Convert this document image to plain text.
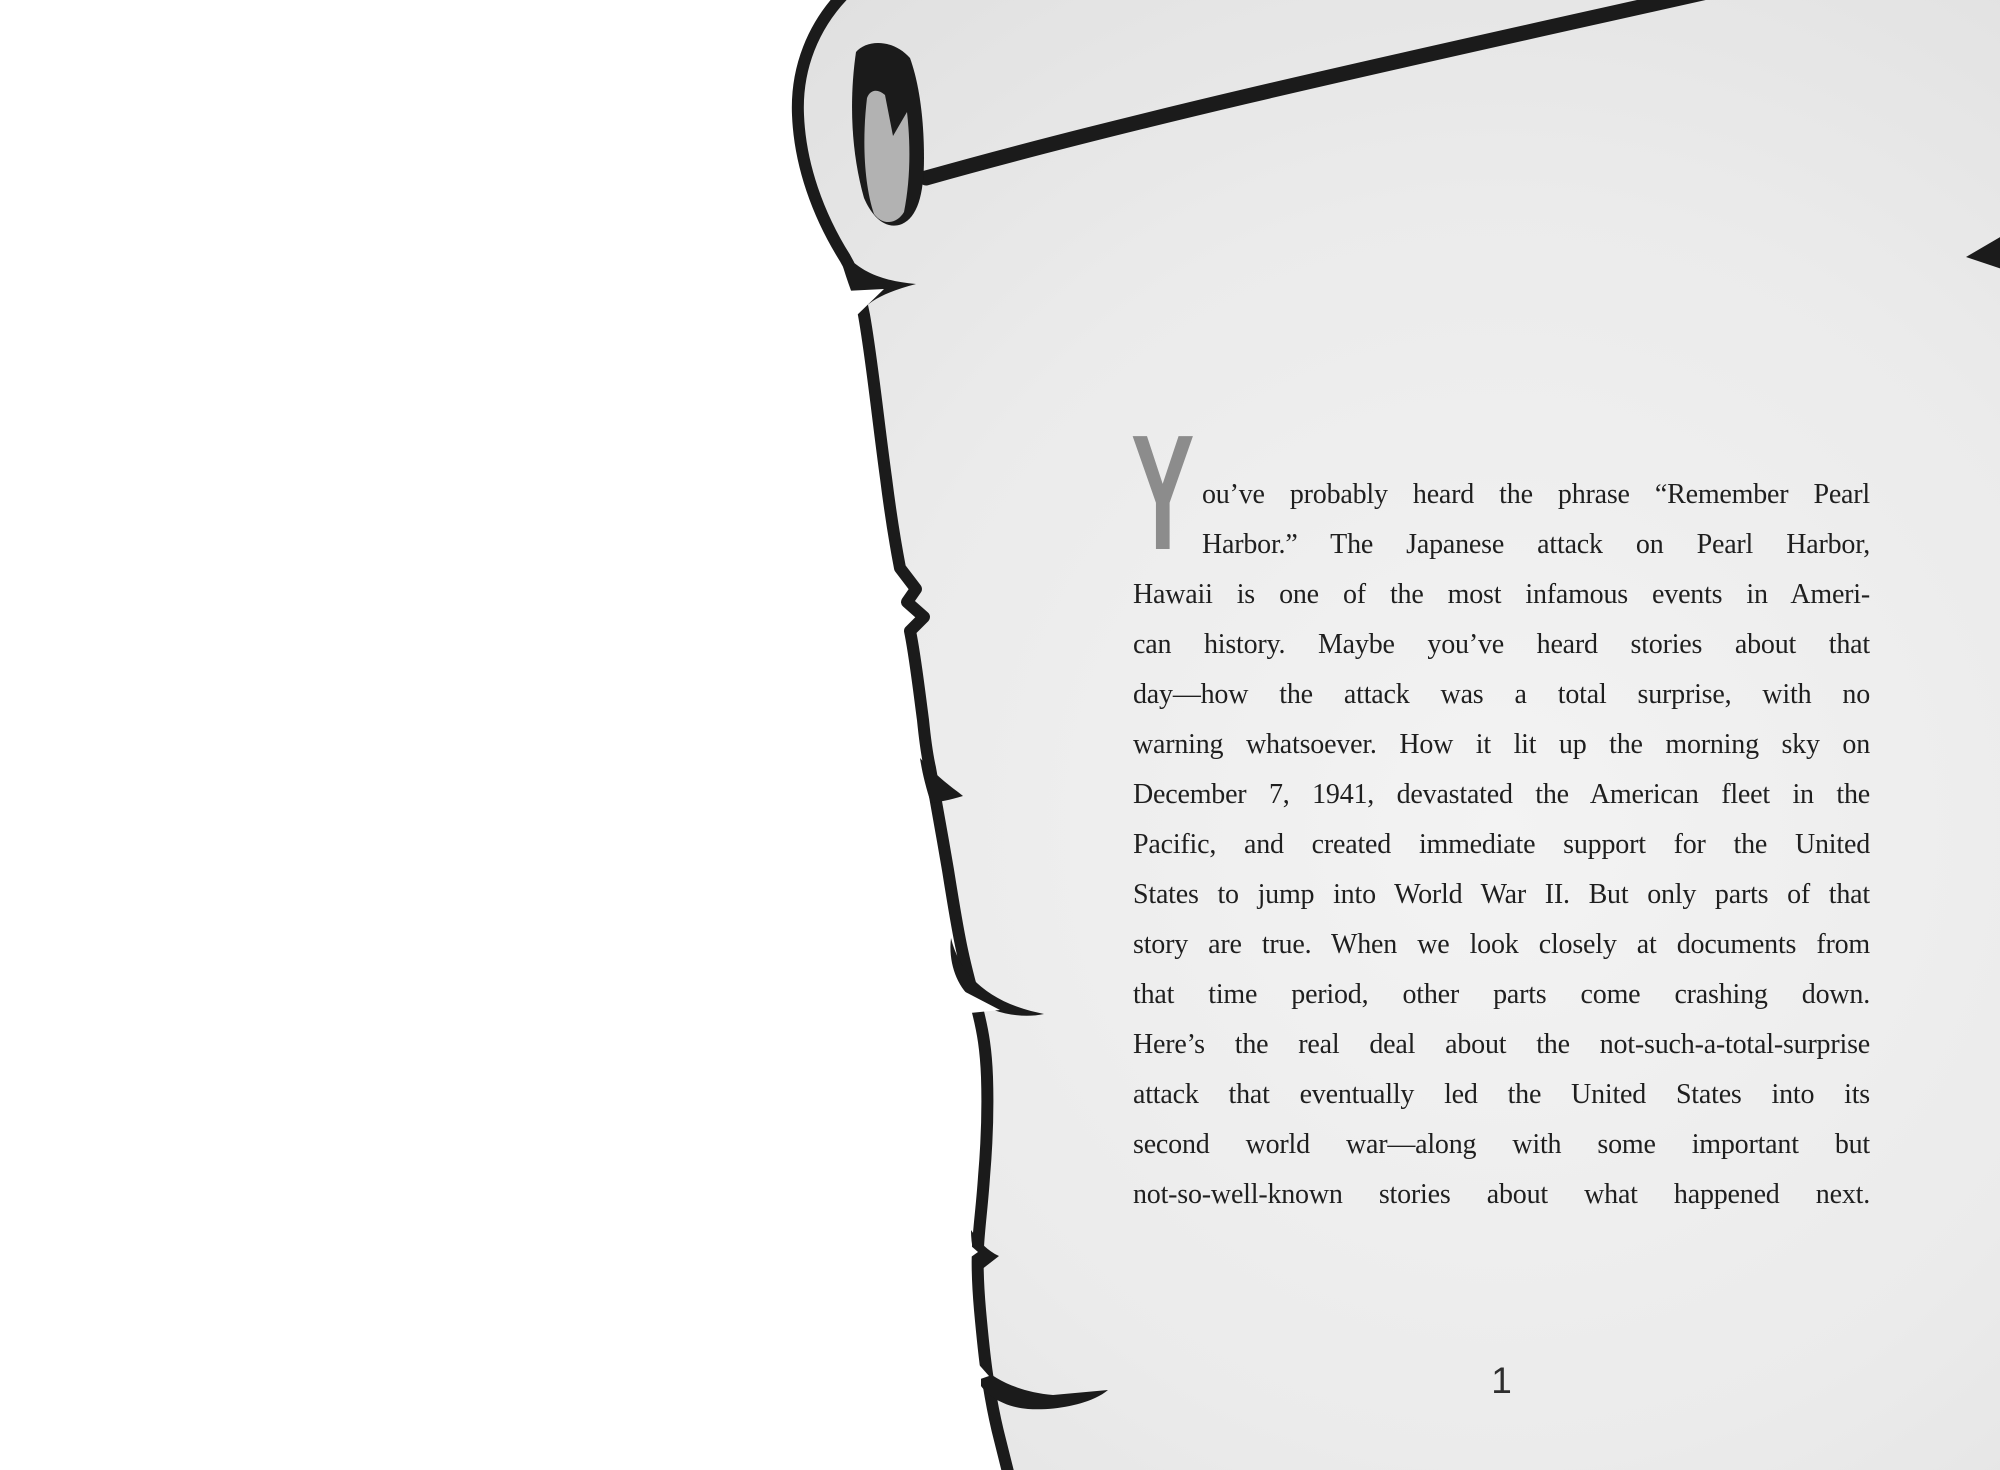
Y ou’ve probably heard the phrase “Remember Pearl
Harbor.” The Japanese attack on Pearl Harbor,
Hawaii is one of the most infamous events in Ameri-
can history. Maybe you’ve heard stories about that
day—how the attack was a total surprise, with no
warning whatsoever. How it lit up the morning sky on
December 7, 1941, devastated the American fleet in the
Pacific, and created immediate support for the United
States to jump into World War II. But only parts of that
story are true. When we look closely at documents from
that time period, other parts come crashing down.
Here’s the real deal about the not-such-a-total-surprise
attack that eventually led the United States into its
second world war—along with some important but
not-so-well-known stories about what happened next.
1
